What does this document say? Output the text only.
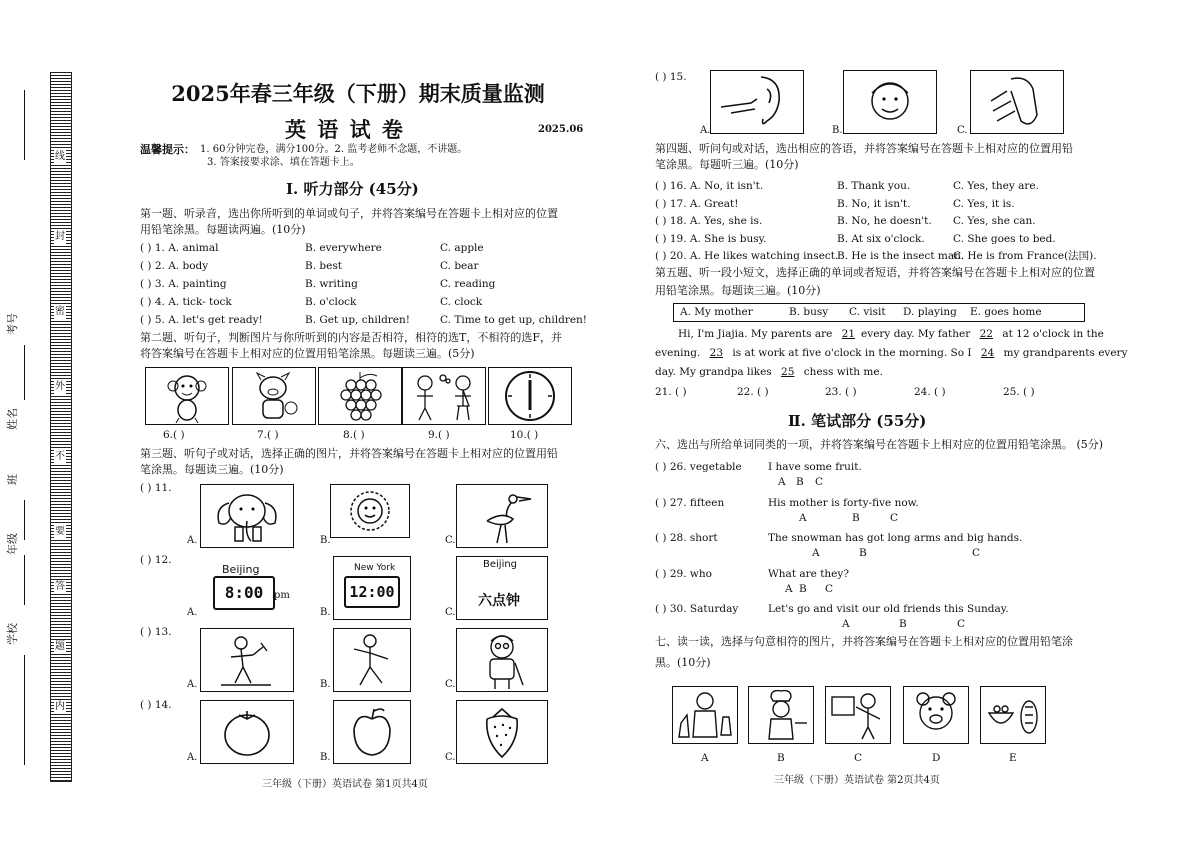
线
封
密
外
不
要
答
题
内
考号
姓名
班
年级
学校
2025年春三年级（下册）期末质量监测
英 语 试 卷	2025.06
温馨提示： 1. 60分钟完卷，满分100分。2. 监考老师不念题，不讲题。
3. 答案接要求涂、填在答题卡上。
Ⅰ. 听力部分 (45分)
第一题、听录音，选出你所听到的单词或句子，并将答案编号在答题卡上相对应的位置
用铅笔涂黑。每题读两遍。(10分)
( ) 1. A. animal	B. everywhere	C. apple
( ) 2. A. body	B. best	C. bear
( ) 3. A. painting	B. writing	C. reading
( ) 4. A. tick- tock	B. o'clock	C. clock
( ) 5. A. let's get ready!	B. Get up, children!	C. Time to get up, children!
第二题、听句子，判断图片与你所听到的内容是否相符，相符的选T，不相符的选F，并
将答案编号在答题卡上相对应的位置用铅笔涂黑。每题读三遍。(5分)
6.( )	7.( )	8.( )	9.( )	10.( )
第三题、听句子或对话，选择正确的图片，并将答案编号在答题卡上相对应的位置用铅
笔涂黑。每题读三遍。(10分)
( ) 11.
( ) 12.
( ) 13.
( ) 14.
Beijing
8:00	pm
New York
12:00
Beijing
六点钟
A.	B.	C.
A.	B.	C.
A.	B.	C.
A.	B.	C.
三年级（下册）英语试卷 第1页共4页
( ) 15.
A.	B.	C.
第四题、听问句或对话，选出相应的答语，并将答案编号在答题卡上相对应的位置用铅
笔涂黑。每题听三遍。(10分)
( ) 16. A. No, it isn't.	B. Thank you.	C. Yes, they are.
( ) 17. A. Great!	B. No, it isn't.	C. Yes, it is.
( ) 18. A. Yes, she is.	B. No, he doesn't. C. Yes, she can.
( ) 19. A. She is busy.	B. At six o'clock.	C. She goes to bed.
( ) 20. A. He likes watching insect.
B. He is the insect man.
C. He is from France(法国).
第五题、听一段小短文，选择正确的单词或者短语，并将答案编号在答题卡上相对应的位置
用铅笔涂黑。每题读三遍。(10分)
A. My mother	B. busy C. visit D. playing E. goes home
Hi, I'm Jiajia. My parents are 21 every day. My father 22 at 12 o'clock in the
evening. 23 is at work at five o'clock in the morning. So I 24 my grandparents every
day. My grandpa likes 25 chess with me.
21. ( )	22. ( )	23. ( )	24. ( )	25. ( )
Ⅱ. 笔试部分 (55分)
六、选出与所给单词同类的一项，并将答案编号在答题卡上相对应的位置用铅笔涂黑。 (5分)
( ) 26. vegetable I have some fruit.
A B C
( ) 27. fifteen	His mother is forty-five now.
A	B	C
( ) 28. short	The snowman has got long arms and big hands.
A	B	C
( ) 29. who	What are they?
A B C
( ) 30. Saturday	Let's go and visit our old friends this Sunday.
A	B	C
七、读一读，选择与句意相符的图片，并将答案编号在答题卡上相对应的位置用铅笔涂
黑。(10分)
A	B	C	D	E
三年级（下册）英语试卷 第2页共4页
